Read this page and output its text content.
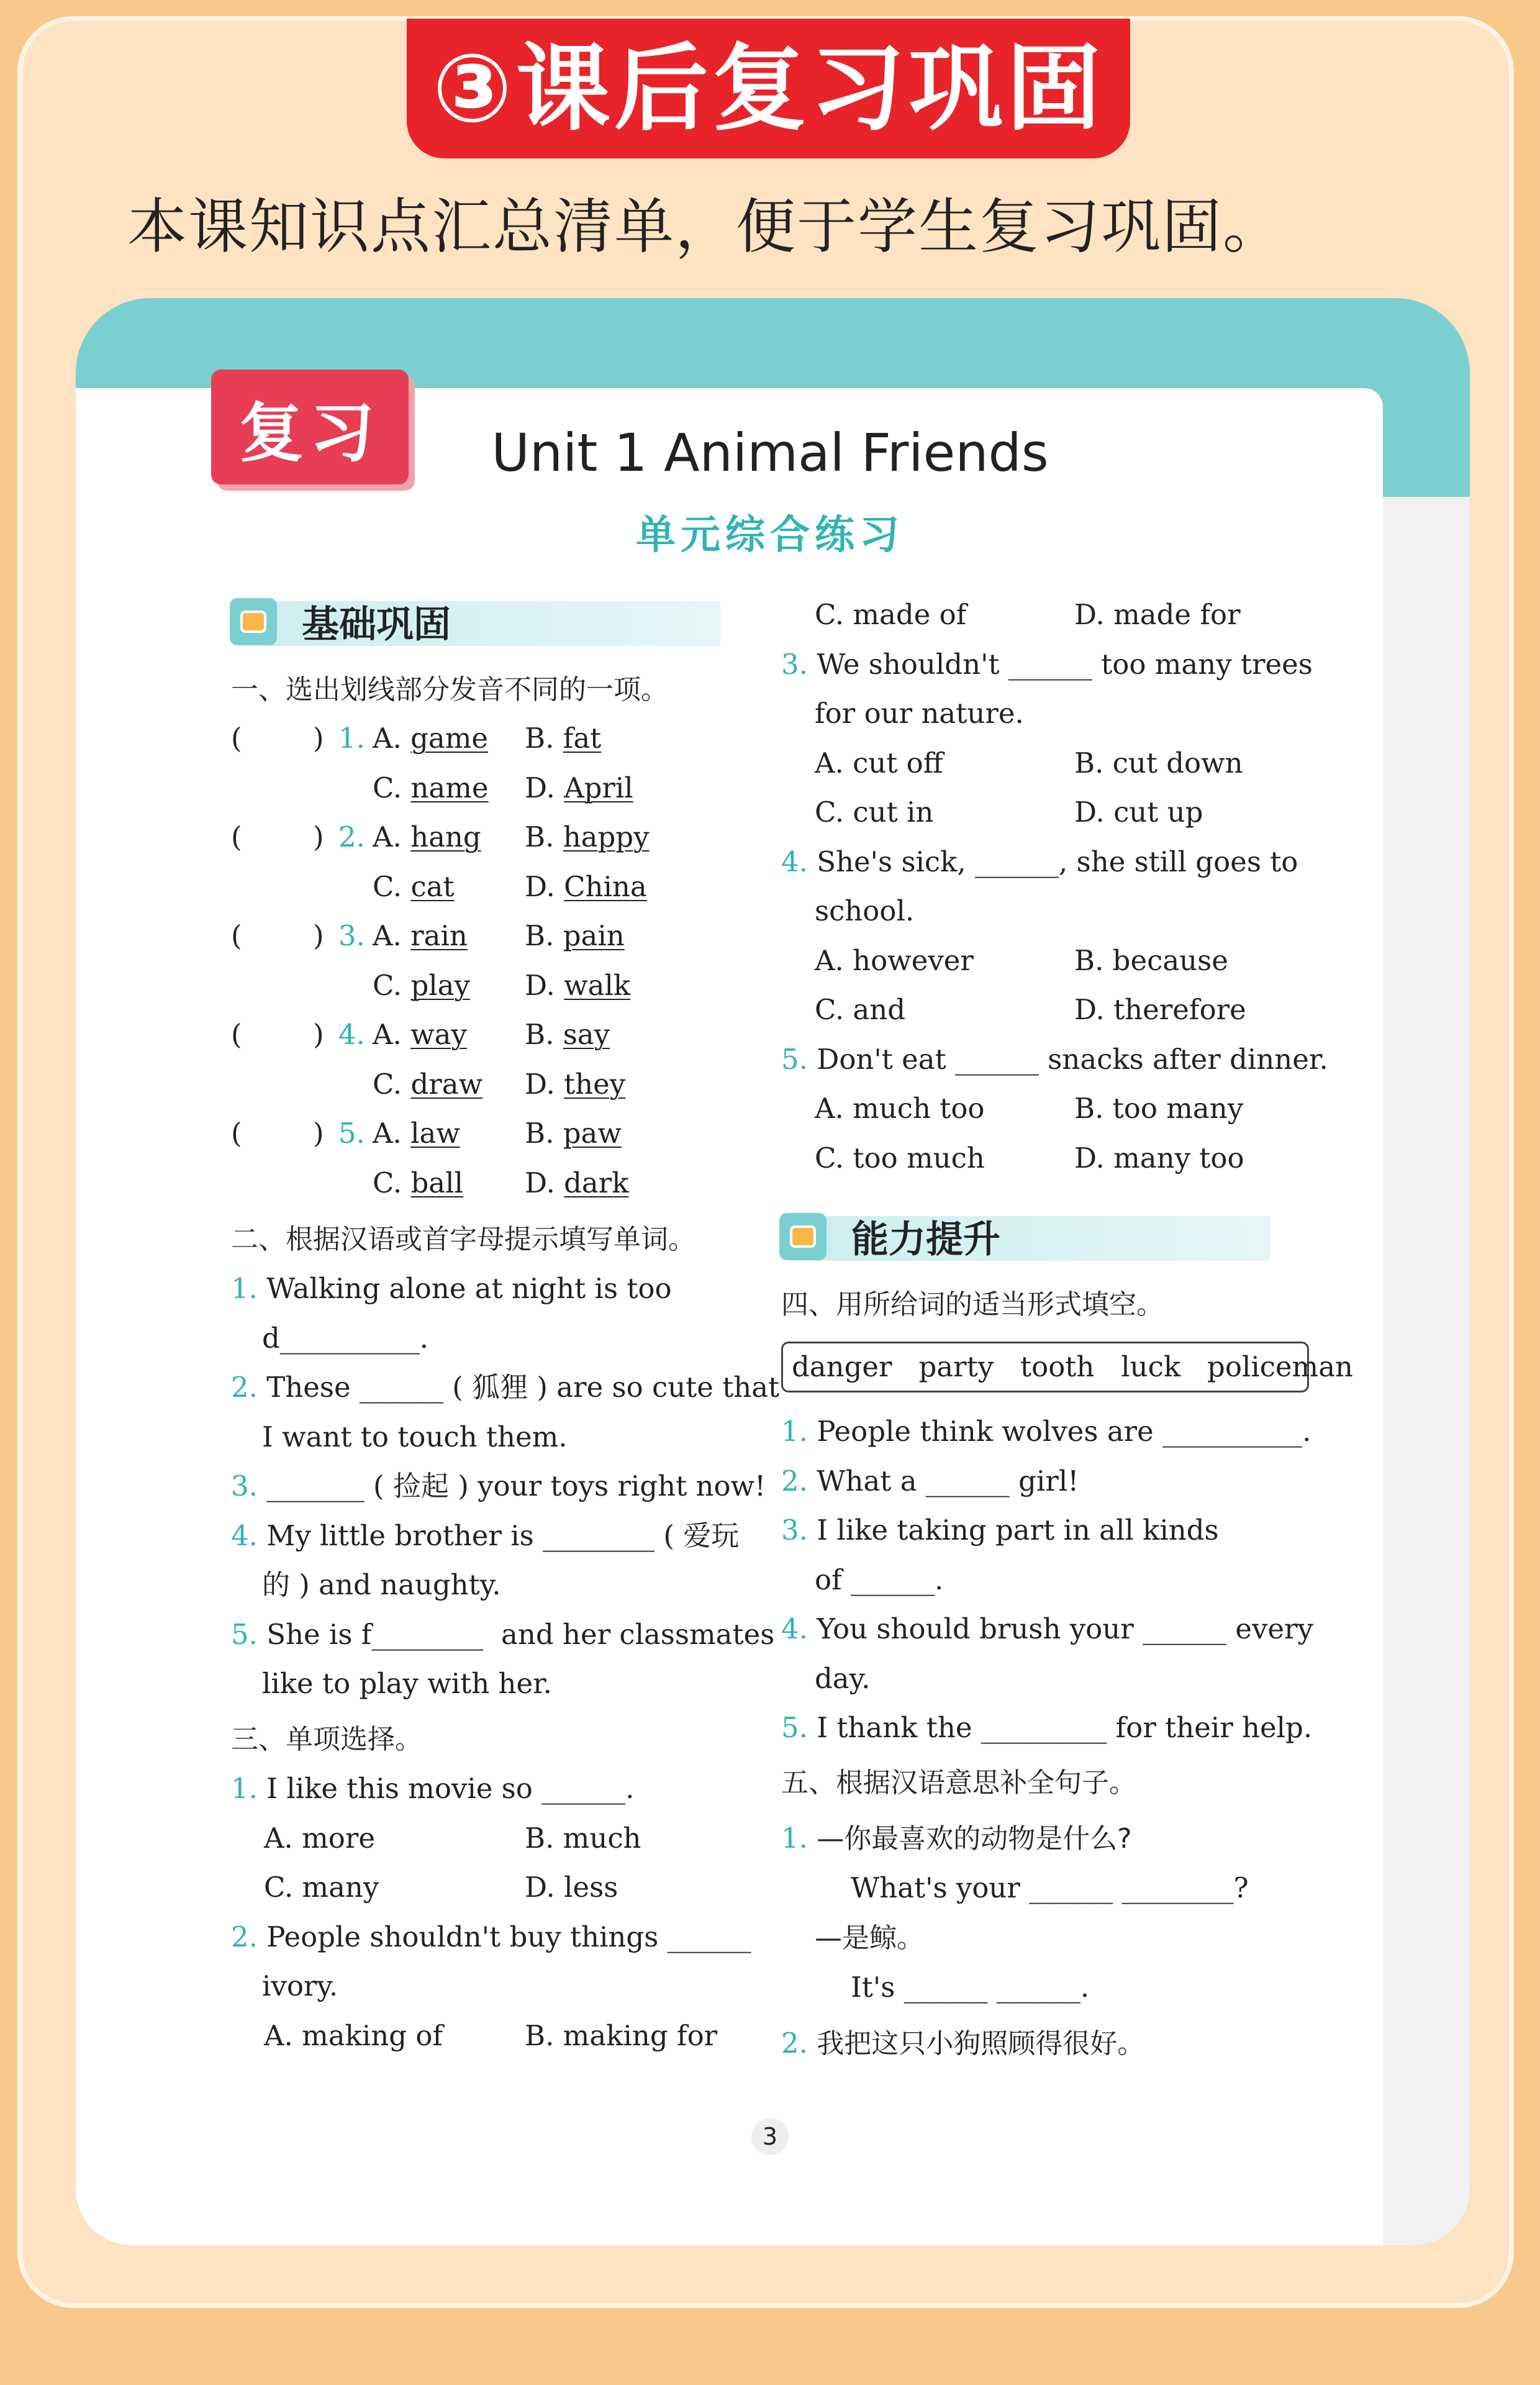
③课后复习巩固
本课知识点汇总清单，便于学生复习巩固。
复习	Unit 1 Animal Friends
单元综合练习
基础巩固
能力提升
danger   party   tooth   luck   policeman
3
一、选出划线部分发音不同的一项。
(        ) 1. A. game B. fat
C. name D. April
(        ) 2. A. hang B. happy
C. cat	D. China
(        ) 3. A. rain B. pain
C. play D. walk
(        ) 4. A. way B. say
C. draw D. they
(        ) 5. A. law B. paw
C. ball D. dark
二、根据汉语或首字母提示填写单词。
1. Walking alone at night is too
d__________.
2. These ______ ( 狐狸 ) are so cute that
I want to touch them.
3. _______ ( 捡起 ) your toys right now!
4. My little brother is ________ ( 爱玩
的 ) and naughty.
5. She is f________  and her classmates
like to play with her.
三、单项选择。
1. I like this movie so ______.
A. more	B. much
C. many	D. less
2. People shouldn't buy things ______
ivory.
A. making of	B. making for
C. made of	D. made for
3. We shouldn't ______ too many trees
for our nature.
A. cut off	B. cut down
C. cut in	D. cut up
4. She's sick, ______, she still goes to
school.
A. however	B. because
C. and	D. therefore
5. Don't eat ______ snacks after dinner.
A. much too	B. too many
C. too much	D. many too
四、用所给词的适当形式填空。
1. People think wolves are __________.
2. What a ______ girl!
3. I like taking part in all kinds
of ______.
4. You should brush your ______ every
day.
5. I thank the _________ for their help.
五、根据汉语意思补全句子。
1. —你最喜欢的动物是什么?
What's your ______ ________?
—是鲸。
It's ______ ______.
2. 我把这只小狗照顾得很好。
